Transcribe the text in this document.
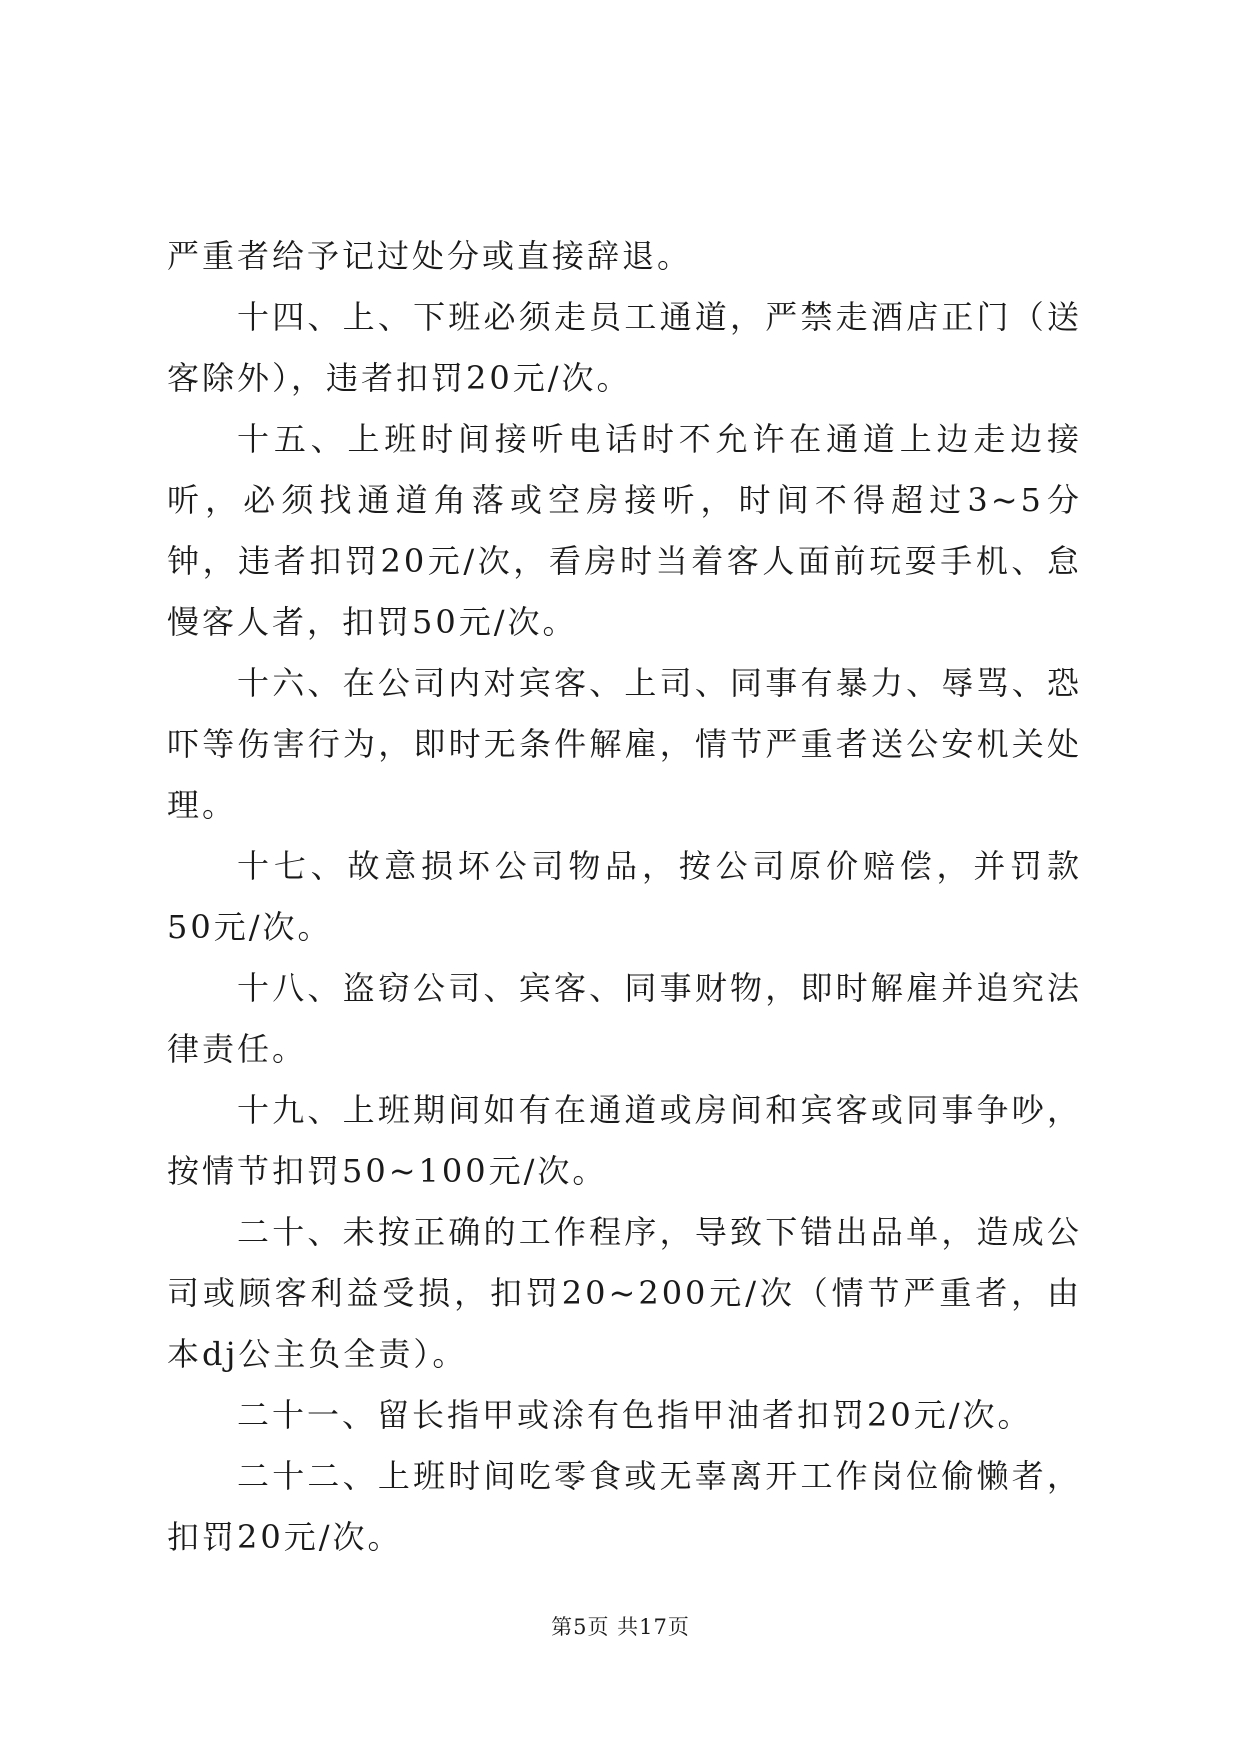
严重者给予记过处分或直接辞退。

十四、上、下班必须走员工通道，严禁走酒店正门（送客除外），违者扣罚20元/次。

十五、上班时间接听电话时不允许在通道上边走边接听，必须找通道角落或空房接听，时间不得超过3~5分钟，违者扣罚20元/次，看房时当着客人面前玩耍手机、怠慢客人者，扣罚50元/次。

十六、在公司内对宾客、上司、同事有暴力、辱骂、恐吓等伤害行为，即时无条件解雇，情节严重者送公安机关处理。

十七、故意损坏公司物品，按公司原价赔偿，并罚款50元/次。

十八、盗窃公司、宾客、同事财物，即时解雇并追究法律责任。

十九、上班期间如有在通道或房间和宾客或同事争吵，按情节扣罚50~100元/次。

二十、未按正确的工作程序，导致下错出品单，造成公司或顾客利益受损，扣罚20~200元/次（情节严重者，由本dj公主负全责）。

二十一、留长指甲或涂有色指甲油者扣罚20元/次。

二十二、上班时间吃零食或无辜离开工作岗位偷懒者，扣罚20元/次。

第5页 共17页
